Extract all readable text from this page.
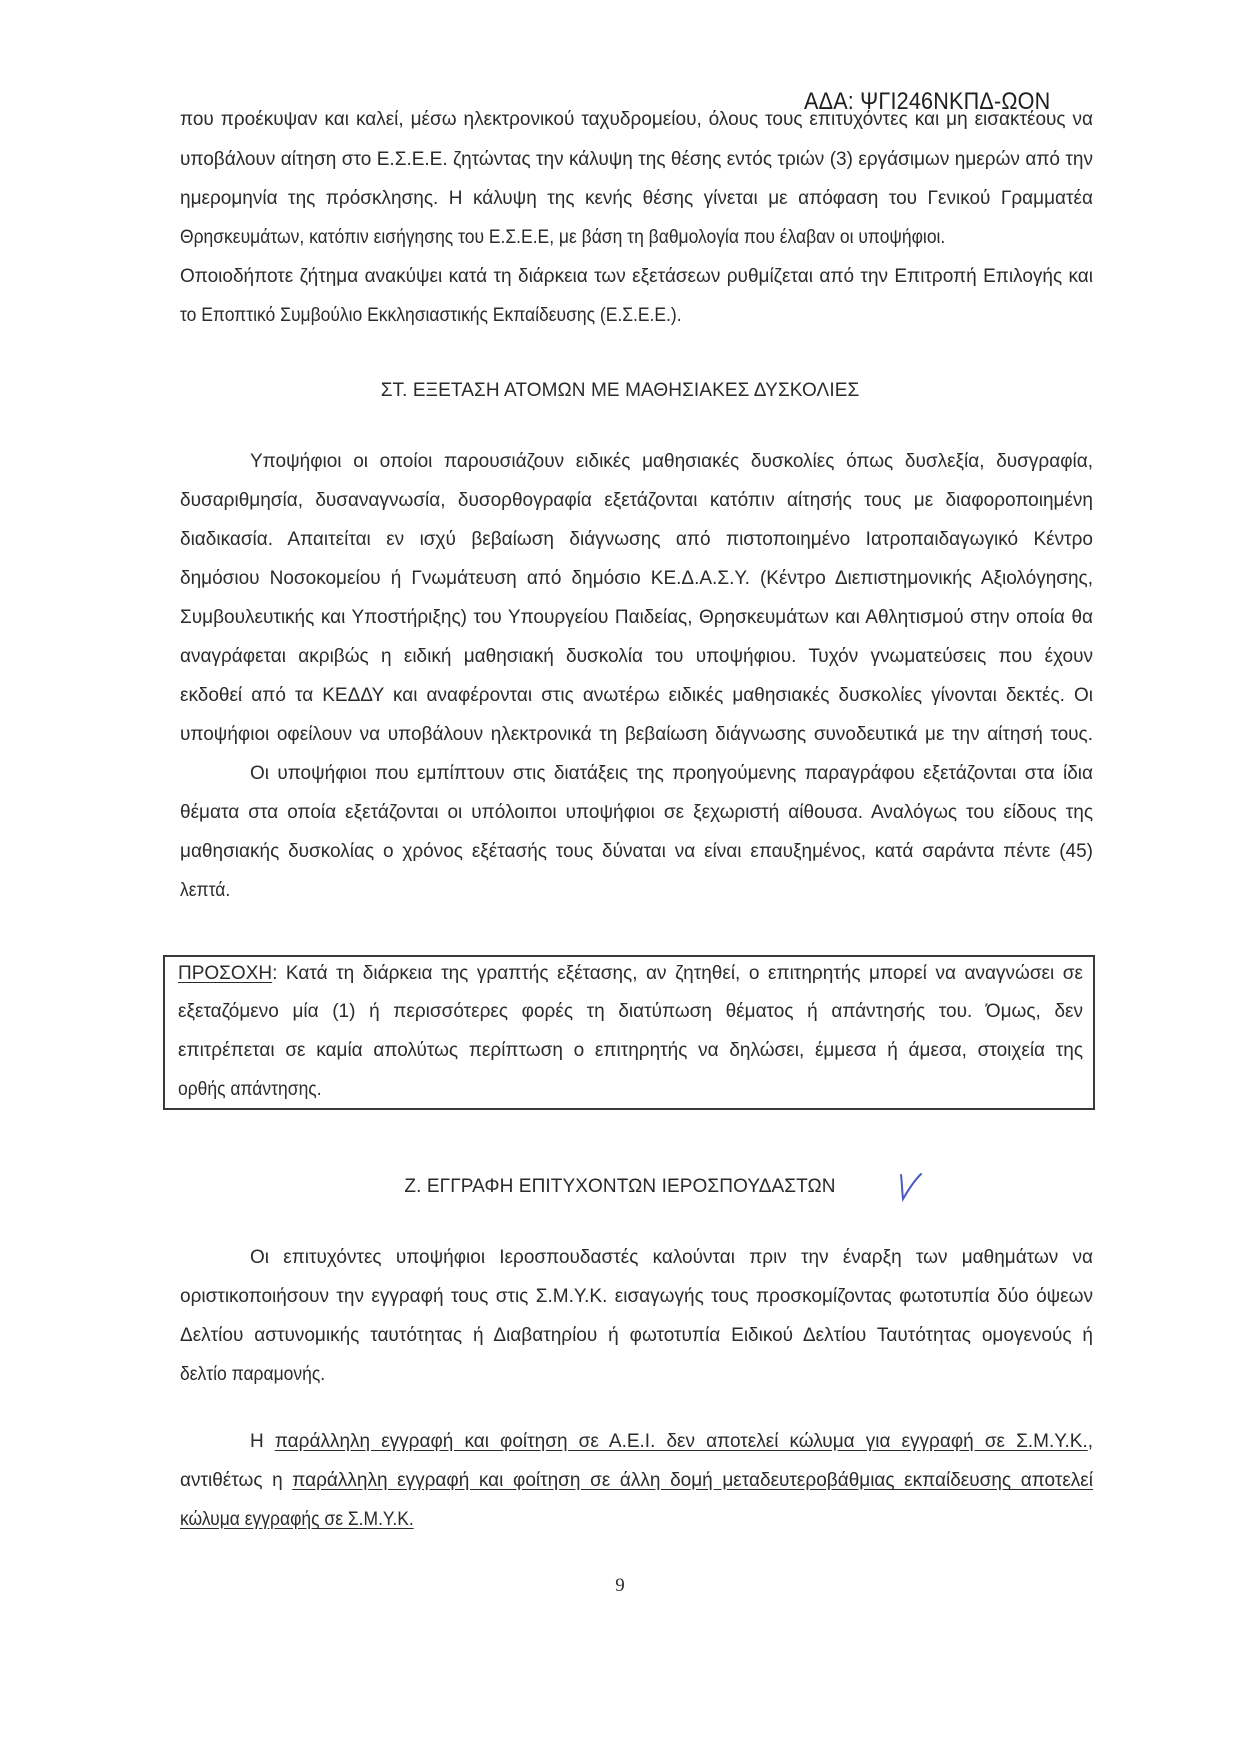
ΑΔΑ: ΨΓΙ246ΝΚΠΔ-ΩΟΝ
που προέκυψαν και καλεί, μέσω ηλεκτρονικού ταχυδρομείου, όλους τους επιτυχόντες και μη εισακτέους να
υποβάλουν αίτηση στο Ε.Σ.Ε.Ε. ζητώντας την κάλυψη της θέσης εντός τριών (3) εργάσιμων ημερών από την
ημερομηνία της πρόσκλησης. Η κάλυψη της κενής θέσης γίνεται με απόφαση του Γενικού Γραμματέα
Θρησκευμάτων, κατόπιν εισήγησης του Ε.Σ.Ε.Ε, με βάση τη βαθμολογία που έλαβαν οι υποψήφιοι.
Οποιοδήποτε ζήτημα ανακύψει κατά τη διάρκεια των εξετάσεων ρυθμίζεται από την Επιτροπή Επιλογής και
το Εποπτικό Συμβούλιο Εκκλησιαστικής Εκπαίδευσης (Ε.Σ.Ε.Ε.).
ΣΤ. ΕΞΕΤΑΣΗ ΑΤΟΜΩΝ ΜΕ ΜΑΘΗΣΙΑΚΕΣ ΔΥΣΚΟΛΙΕΣ
Υποψήφιοι οι οποίοι παρουσιάζουν ειδικές μαθησιακές δυσκολίες όπως δυσλεξία, δυσγραφία,
δυσαριθμησία, δυσαναγνωσία, δυσορθογραφία εξετάζονται κατόπιν αίτησής τους με διαφοροποιημένη
διαδικασία. Απαιτείται εν ισχύ βεβαίωση διάγνωσης από πιστοποιημένο Ιατροπαιδαγωγικό Κέντρο
δημόσιου Νοσοκομείου ή Γνωμάτευση από δημόσιο ΚΕ.Δ.Α.Σ.Υ. (Κέντρο Διεπιστημονικής Αξιολόγησης,
Συμβουλευτικής και Υποστήριξης) του Υπουργείου Παιδείας, Θρησκευμάτων και Αθλητισμού στην οποία θα
αναγράφεται ακριβώς η ειδική μαθησιακή δυσκολία του υποψήφιου. Τυχόν γνωματεύσεις που έχουν
εκδοθεί από τα ΚΕΔΔΥ και αναφέρονται στις ανωτέρω ειδικές μαθησιακές δυσκολίες γίνονται δεκτές. Οι
υποψήφιοι οφείλουν να υποβάλουν ηλεκτρονικά τη βεβαίωση διάγνωσης συνοδευτικά με την αίτησή τους.
Οι υποψήφιοι που εμπίπτουν στις διατάξεις της προηγούμενης παραγράφου εξετάζονται στα ίδια
θέματα στα οποία εξετάζονται οι υπόλοιποι υποψήφιοι σε ξεχωριστή αίθουσα. Αναλόγως του είδους της
μαθησιακής δυσκολίας ο χρόνος εξέτασής τους δύναται να είναι επαυξημένος, κατά σαράντα πέντε (45)
λεπτά.
ΠΡΟΣΟΧΗ: Κατά τη διάρκεια της γραπτής εξέτασης, αν ζητηθεί, ο επιτηρητής μπορεί να αναγνώσει σε
εξεταζόμενο μία (1) ή περισσότερες φορές τη διατύπωση θέματος ή απάντησής του. Όμως, δεν
επιτρέπεται σε καμία απολύτως περίπτωση ο επιτηρητής να δηλώσει, έμμεσα ή άμεσα, στοιχεία της
ορθής απάντησης.
Ζ. ΕΓΓΡΑΦΗ ΕΠΙΤΥΧΟΝΤΩΝ ΙΕΡΟΣΠΟΥΔΑΣΤΩΝ
Οι επιτυχόντες υποψήφιοι Ιεροσπουδαστές καλούνται πριν την έναρξη των μαθημάτων να
οριστικοποιήσουν την εγγραφή τους στις Σ.Μ.Υ.Κ. εισαγωγής τους προσκομίζοντας φωτοτυπία δύο όψεων
Δελτίου αστυνομικής ταυτότητας ή Διαβατηρίου ή φωτοτυπία Ειδικού Δελτίου Ταυτότητας ομογενούς ή
δελτίο παραμονής.
Η παράλληλη εγγραφή και φοίτηση σε Α.Ε.Ι. δεν αποτελεί κώλυμα για εγγραφή σε Σ.Μ.Υ.Κ.,
αντιθέτως η παράλληλη εγγραφή και φοίτηση σε άλλη δομή μεταδευτεροβάθμιας εκπαίδευσης αποτελεί
κώλυμα εγγραφής σε Σ.Μ.Υ.Κ.
9
